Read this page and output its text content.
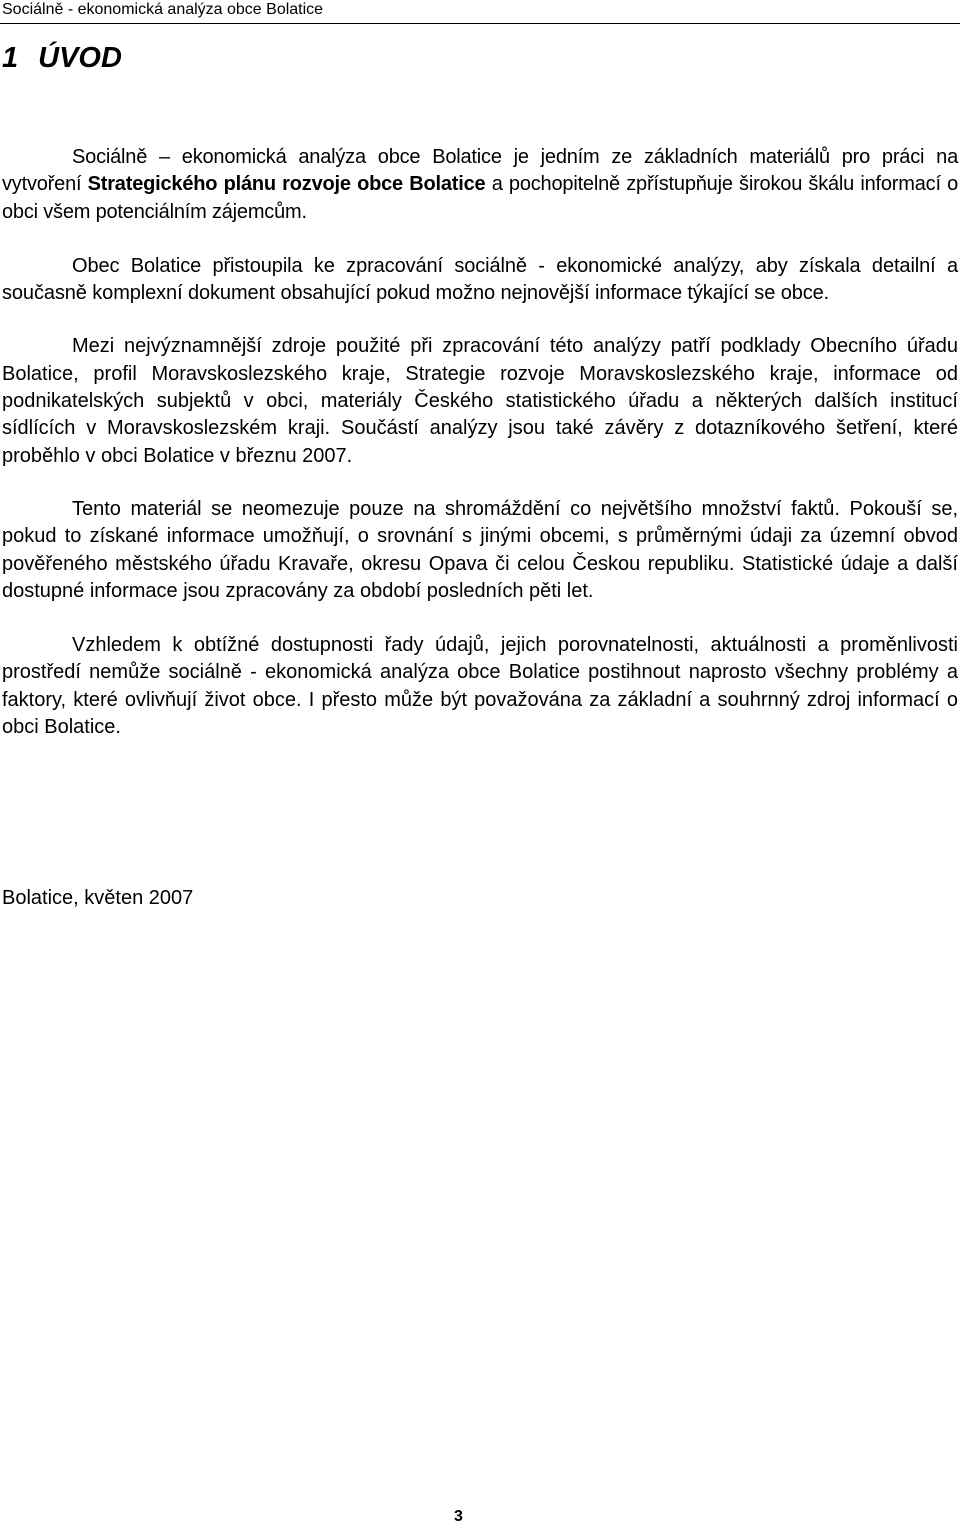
Sociálně - ekonomická analýza obce Bolatice
1 ÚVOD

Sociálně – ekonomická analýza obce Bolatice je jedním ze základních materiálů pro práci na vytvoření Strategického plánu rozvoje obce Bolatice a pochopitelně zpřístupňuje širokou škálu informací o obci všem potenciálním zájemcům.

Obec Bolatice přistoupila ke zpracování sociálně - ekonomické analýzy, aby získala detailní a současně komplexní dokument obsahující pokud možno nejnovější informace týkající se obce.

Mezi nejvýznamnější zdroje použité při zpracování této analýzy patří podklady Obecního úřadu Bolatice, profil Moravskoslezského kraje, Strategie rozvoje Moravskoslezského kraje, informace od podnikatelských subjektů v obci, materiály Českého statistického úřadu a některých dalších institucí sídlících v Moravskoslezském kraji. Součástí analýzy jsou také závěry z dotazníkového šetření, které proběhlo v obci Bolatice v březnu 2007.

Tento materiál se neomezuje pouze na shromáždění co největšího množství faktů. Pokouší se, pokud to získané informace umožňují, o srovnání s jinými obcemi, s průměrnými údaji za územní obvod pověřeného městského úřadu Kravaře, okresu Opava či celou Českou republiku. Statistické údaje a další dostupné informace jsou zpracovány za období posledních pěti let.

Vzhledem k obtížné dostupnosti řady údajů, jejich porovnatelnosti, aktuálnosti a proměnlivosti prostředí nemůže sociálně - ekonomická analýza obce Bolatice postihnout naprosto všechny problémy a faktory, které ovlivňují život obce. I přesto může být považována za základní a souhrnný zdroj informací o obci Bolatice.

Bolatice, květen 2007
3
